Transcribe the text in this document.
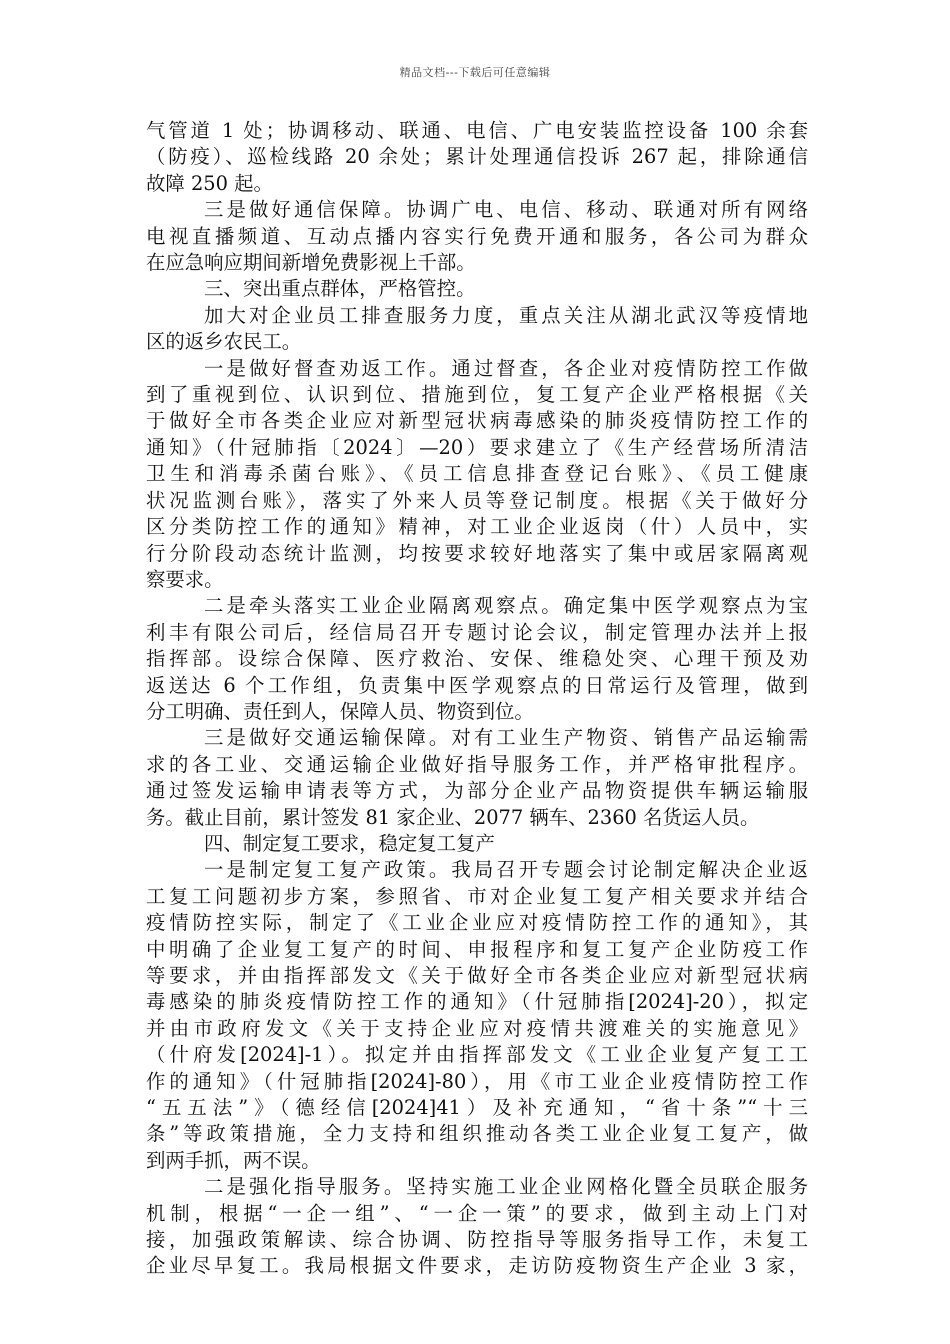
精品文档---下载后可任意编辑
气管道 1 处；协调移动、联通、电信、广电安装监控设备 100 余套
（防疫）、巡检线路 20 余处；累计处理通信投诉 267 起，排除通信
故障 250 起。
三是做好通信保障。协调广电、电信、移动、联通对所有网络
电视直播频道、互动点播内容实行免费开通和服务，各公司为群众
在应急响应期间新增免费影视上千部。
三、突出重点群体，严格管控。
加大对企业员工排查服务力度，重点关注从湖北武汉等疫情地
区的返乡农民工。
一是做好督查劝返工作。通过督查，各企业对疫情防控工作做
到了重视到位、认识到位、措施到位，复工复产企业严格根据《关
于做好全市各类企业应对新型冠状病毒感染的肺炎疫情防控工作的
通知》（什冠肺指〔2024〕—20）要求建立了《生产经营场所清洁
卫生和消毒杀菌台账》、《员工信息排查登记台账》、《员工健康
状况监测台账》，落实了外来人员等登记制度。根据《关于做好分
区分类防控工作的通知》精神，对工业企业返岗（什）人员中，实
行分阶段动态统计监测，均按要求较好地落实了集中或居家隔离观
察要求。
二是牵头落实工业企业隔离观察点。确定集中医学观察点为宝
利丰有限公司后，经信局召开专题讨论会议，制定管理办法并上报
指挥部。设综合保障、医疗救治、安保、维稳处突、心理干预及劝
返送达 6 个工作组，负责集中医学观察点的日常运行及管理，做到
分工明确、责任到人，保障人员、物资到位。
三是做好交通运输保障。对有工业生产物资、销售产品运输需
求的各工业、交通运输企业做好指导服务工作，并严格审批程序。
通过签发运输申请表等方式，为部分企业产品物资提供车辆运输服
务。截止目前，累计签发 81 家企业、2077 辆车、2360 名货运人员。
四、制定复工要求，稳定复工复产
一是制定复工复产政策。我局召开专题会讨论制定解决企业返
工复工问题初步方案，参照省、市对企业复工复产相关要求并结合
疫情防控实际，制定了《工业企业应对疫情防控工作的通知》，其
中明确了企业复工复产的时间、申报程序和复工复产企业防疫工作
等要求，并由指挥部发文《关于做好全市各类企业应对新型冠状病
毒感染的肺炎疫情防控工作的通知》（什冠肺指[2024]-20），拟定
并由市政府发文《关于支持企业应对疫情共渡难关的实施意见》
（什府发[2024]-1）。拟定并由指挥部发文《工业企业复产复工工
作的通知》（什冠肺指[2024]-80），用《市工业企业疫情防控工作
“五五法”》（德经信[2024]41）及补充通知，“省十条”“十三
条”等政策措施，全力支持和组织推动各类工业企业复工复产，做
到两手抓，两不误。
二是强化指导服务。坚持实施工业企业网格化暨全员联企服务
机制，根据“一企一组”、“一企一策”的要求，做到主动上门对
接，加强政策解读、综合协调、防控指导等服务指导工作，未复工
企业尽早复工。我局根据文件要求，走访防疫物资生产企业 3 家，
